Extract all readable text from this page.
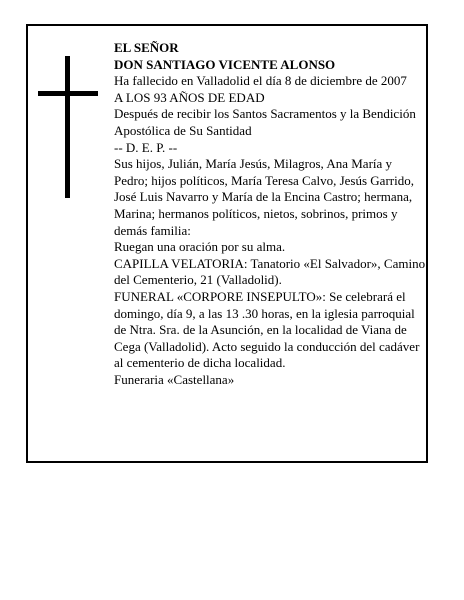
EL SEÑOR

DON SANTIAGO VICENTE ALONSO

Ha fallecido en Valladolid el día 8 de diciembre de 2007

A LOS 93 AÑOS DE EDAD

Después de recibir los Santos Sacramentos y la Bendición Apostólica de Su Santidad

-- D. E. P. --

Sus hijos, Julián, María Jesús, Milagros, Ana María y Pedro; hijos políticos, María Teresa Calvo, Jesús Garrido, José Luis Navarro y María de la Encina Castro; hermana, Marina; hermanos políticos, nietos, sobrinos, primos y demás familia:

Ruegan una oración por su alma.

CAPILLA VELATORIA: Tanatorio «El Salvador», Camino del Cementerio, 21 (Valladolid).

FUNERAL «CORPORE INSEPULTO»: Se celebrará el domingo, día 9, a las 13 .30 horas, en la iglesia parroquial de Ntra. Sra. de la Asunción, en la localidad de Viana de Cega (Valladolid). Acto seguido la conducción del cadáver al cementerio de dicha localidad.

Funeraria «Castellana»
